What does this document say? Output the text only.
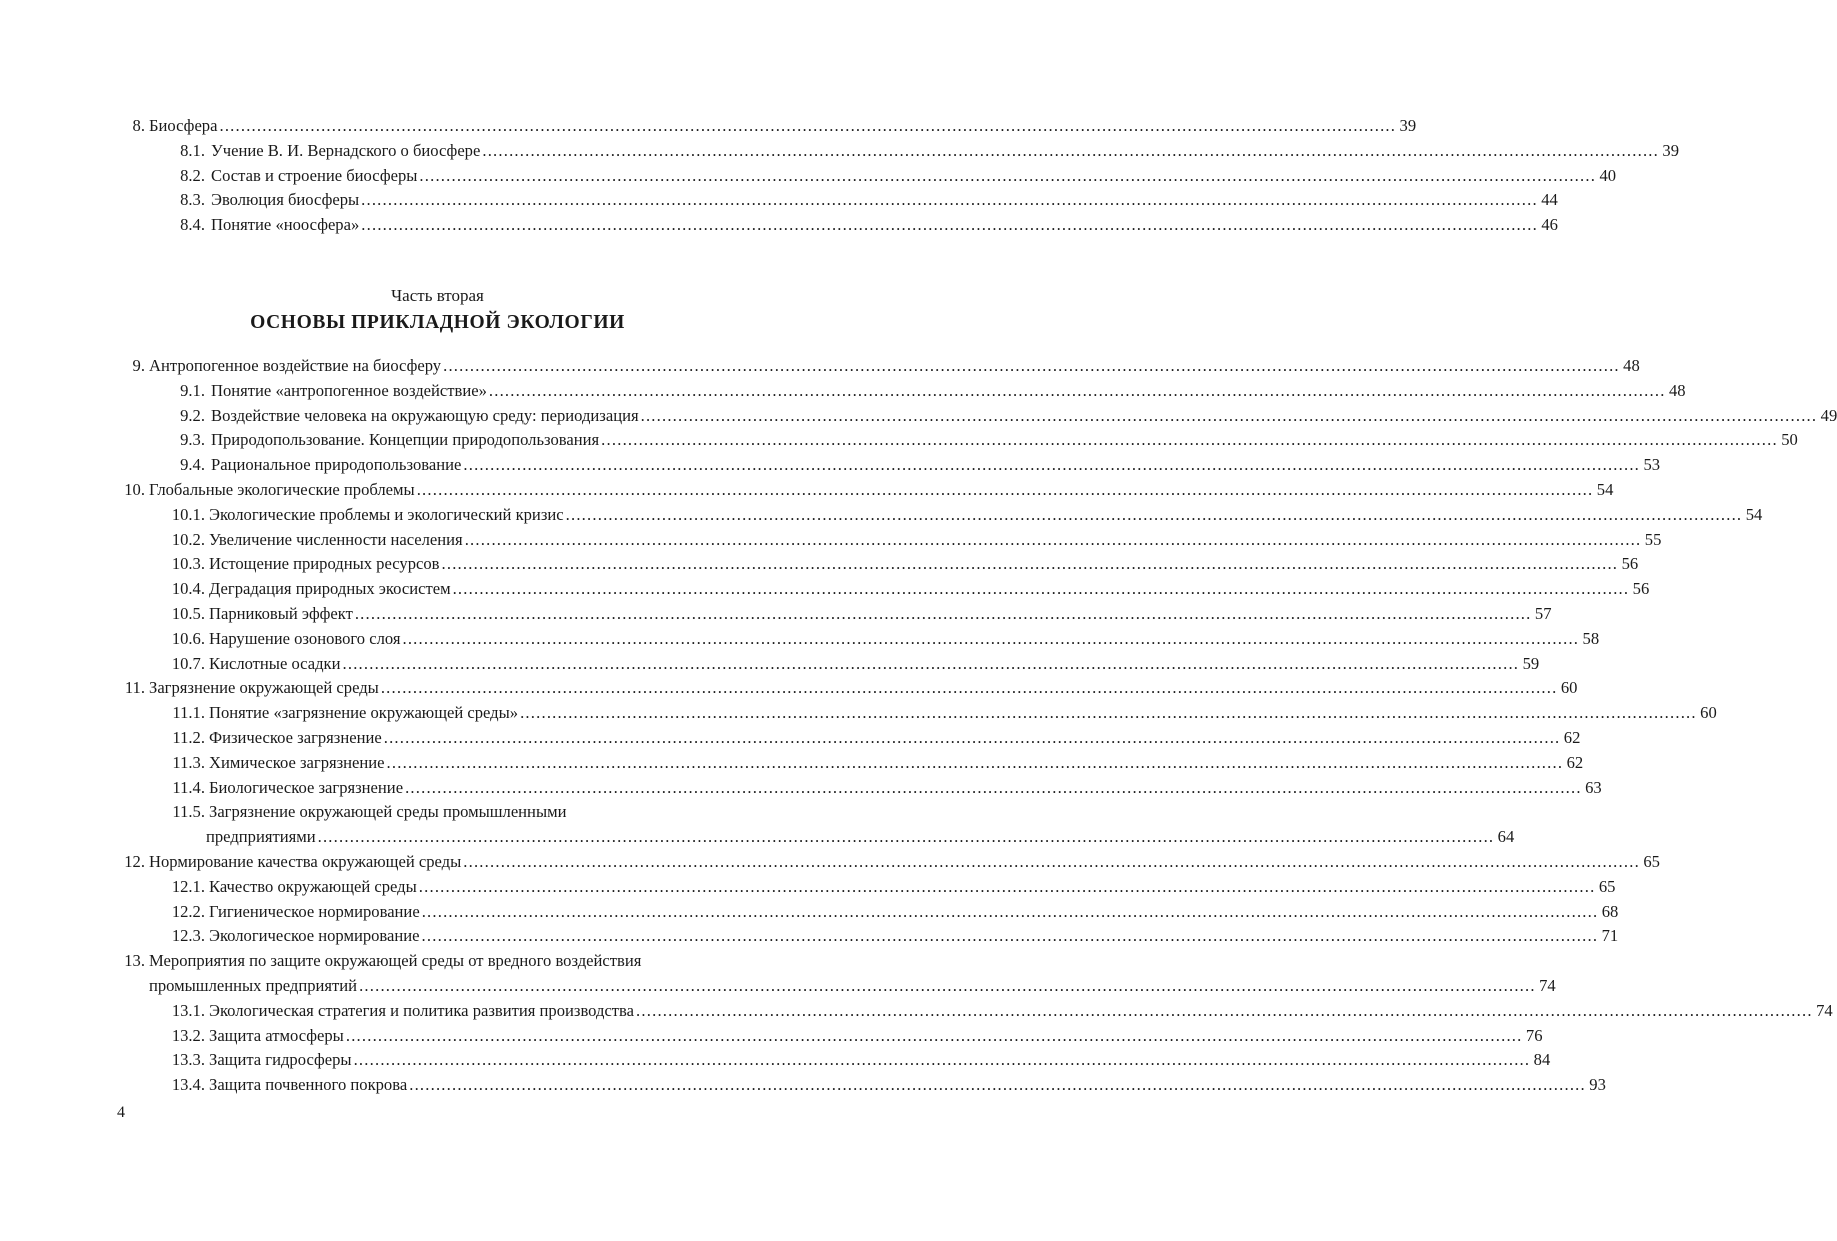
8. Биосфера ............................................................................................................................................................................................................................ 39
8.1. Учение В. И. Вернадского о биосфере ............................................................................................................................................................................................................................ 39
8.2. Состав и строение биосферы ............................................................................................................................................................................................................................ 40
8.3. Эволюция биосферы ............................................................................................................................................................................................................................ 44
8.4. Понятие «ноосфера» ............................................................................................................................................................................................................................ 46
Часть вторая
ОСНОВЫ ПРИКЛАДНОЙ ЭКОЛОГИИ
9. Антропогенное воздействие на биосферу ............................................................................................................................................................................................................................ 48
9.1. Понятие «антропогенное воздействие» ............................................................................................................................................................................................................................ 48
9.2. Воздействие человека на окружающую среду: периодизация ............................................................................................................................................................................................................................ 49
9.3. Природопользование. Концепции природопользования ............................................................................................................................................................................................................................ 50
9.4. Рациональное природопользование ............................................................................................................................................................................................................................ 53
10. Глобальные экологические проблемы ............................................................................................................................................................................................................................ 54
10.1. Экологические проблемы и экологический кризис ............................................................................................................................................................................................................................ 54
10.2. Увеличение численности населения ............................................................................................................................................................................................................................ 55
10.3. Истощение природных ресурсов ............................................................................................................................................................................................................................ 56
10.4. Деградация природных экосистем ............................................................................................................................................................................................................................ 56
10.5. Парниковый эффект ............................................................................................................................................................................................................................ 57
10.6. Нарушение озонового слоя ............................................................................................................................................................................................................................ 58
10.7. Кислотные осадки ............................................................................................................................................................................................................................ 59
11. Загрязнение окружающей среды ............................................................................................................................................................................................................................ 60
11.1. Понятие «загрязнение окружающей среды» ............................................................................................................................................................................................................................ 60
11.2. Физическое загрязнение ............................................................................................................................................................................................................................ 62
11.3. Химическое загрязнение ............................................................................................................................................................................................................................ 62
11.4. Биологическое загрязнение ............................................................................................................................................................................................................................ 63
11.5. Загрязнение окружающей среды промышленными
предприятиями ............................................................................................................................................................................................................................ 64
12. Нормирование качества окружающей среды ............................................................................................................................................................................................................................ 65
12.1. Качество окружающей среды ............................................................................................................................................................................................................................ 65
12.2. Гигиеническое нормирование ............................................................................................................................................................................................................................ 68
12.3. Экологическое нормирование ............................................................................................................................................................................................................................ 71
13. Мероприятия по защите окружающей среды от вредного воздействия
промышленных предприятий ............................................................................................................................................................................................................................ 74
13.1. Экологическая стратегия и политика развития производства ............................................................................................................................................................................................................................ 74
13.2. Защита атмосферы ............................................................................................................................................................................................................................ 76
13.3. Защита гидросферы ............................................................................................................................................................................................................................ 84
13.4. Защита почвенного покрова ............................................................................................................................................................................................................................ 93
4
